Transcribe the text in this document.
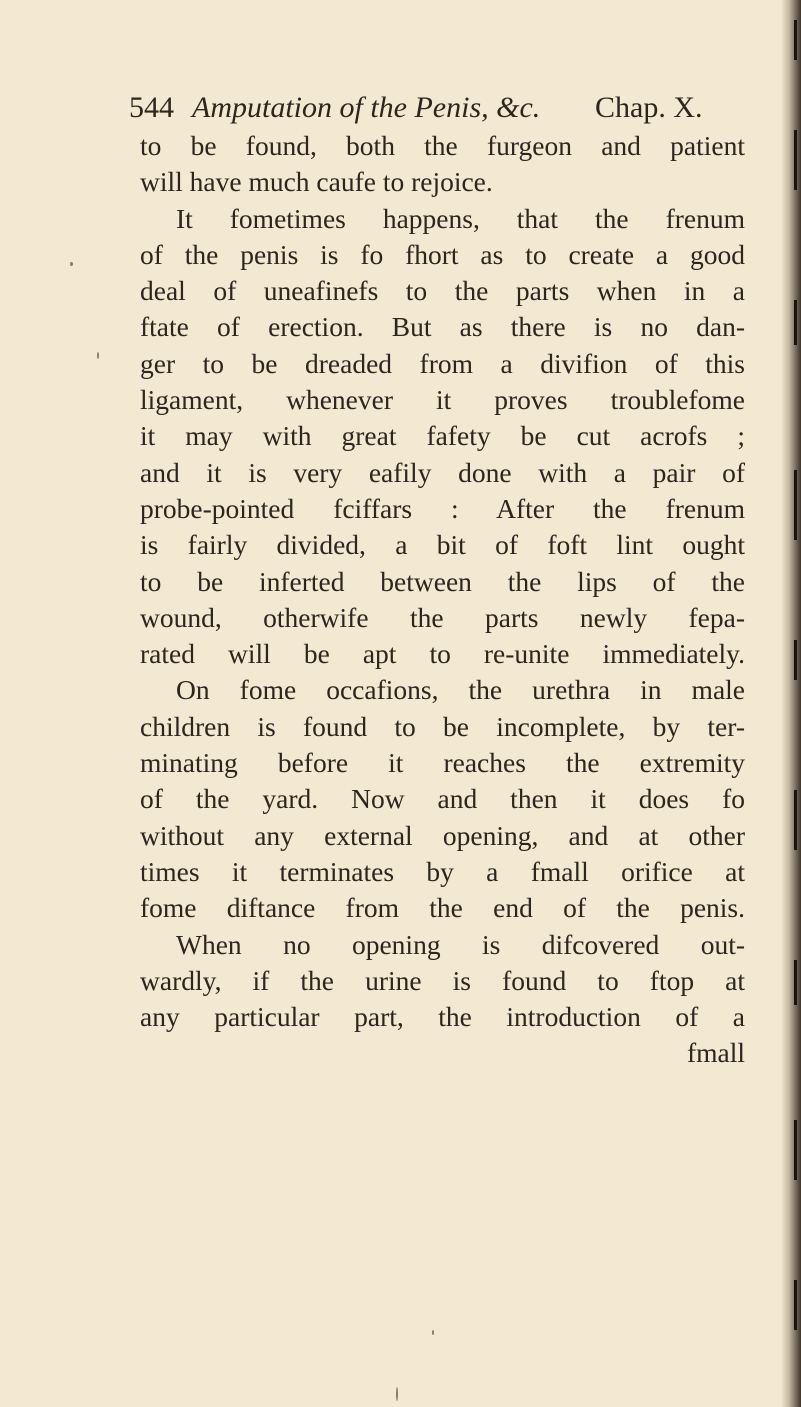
544 Amputation of the Penis, &c. Chap. X.
to be found, both the furgeon and patient
will have much caufe to rejoice.
It fometimes happens, that the frenum
of the penis is fo fhort as to create a good
deal of uneafinefs to the parts when in a
ftate of erection. But as there is no dan-
ger to be dreaded from a divifion of this
ligament, whenever it proves troublefome
it may with great fafety be cut acrofs ;
and it is very eafily done with a pair of
probe-pointed fciffars : After the frenum
is fairly divided, a bit of foft lint ought
to be inferted between the lips of the
wound, otherwife the parts newly fepa-
rated will be apt to re-unite immediately.
On fome occafions, the urethra in male
children is found to be incomplete, by ter-
minating before it reaches the extremity
of the yard. Now and then it does fo
without any external opening, and at other
times it terminates by a fmall orifice at
fome diftance from the end of the penis.
When no opening is difcovered out-
wardly, if the urine is found to ftop at
any particular part, the introduction of a
fmall
